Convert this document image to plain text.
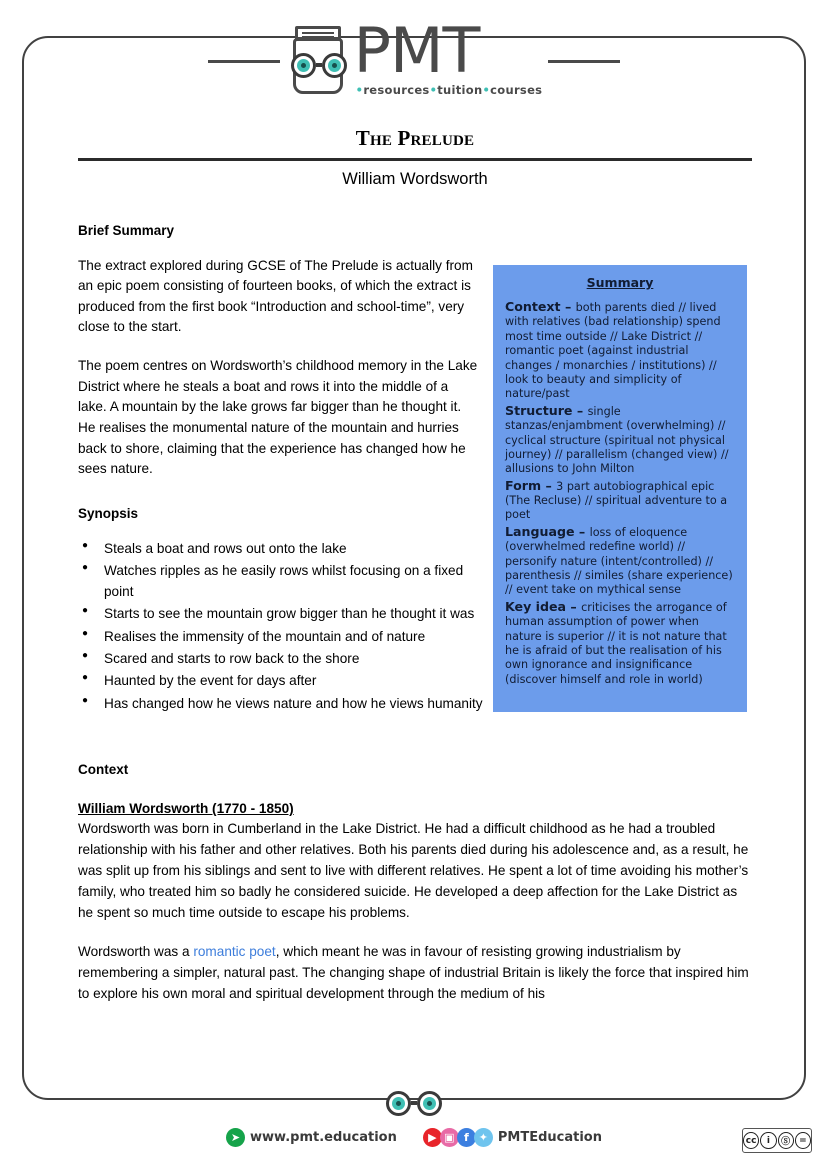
PMT
•resources•tuition•courses
The Prelude
William Wordsworth
Brief Summary

The extract explored during GCSE of The Prelude is actually from an epic poem consisting of fourteen books, of which the extract is produced from the first book “Introduction and school-time”, very close to the start.

The poem centres on Wordsworth’s childhood memory in the Lake District where he steals a boat and rows it into the middle of a lake. A mountain by the lake grows far bigger than he thought it. He realises the monumental nature of the mountain and hurries back to shore, claiming that the experience has changed how he sees nature.

Synopsis
● Steals a boat and rows out onto the lake
● Watches ripples as he easily rows whilst focusing on a fixed point
● Starts to see the mountain grow bigger than he thought it was
● Realises the immensity of the mountain and of nature
● Scared and starts to row back to the shore
● Haunted by the event for days after
● Has changed how he views nature and how he views humanity
Context
William Wordsworth (1770 - 1850)

Wordsworth was born in Cumberland in the Lake District. He had a difficult childhood as he had a troubled relationship with his father and other relatives. Both his parents died during his adolescence and, as a result, he was split up from his siblings and sent to live with different relatives. He spent a lot of time avoiding his mother’s family, who treated him so badly he considered suicide. He developed a deep affection for the Lake District as he spent so much time outside to escape his problems.

Wordsworth was a romantic poet, which meant he was in favour of resisting growing industrialism by remembering a simpler, natural past. The changing shape of industrial Britain is likely the force that inspired him to explore his own moral and spiritual development through the medium of his

Summary

Context – both parents died // lived with relatives (bad relationship) spend most time outside // Lake District // romantic poet (against industrial changes / monarchies / institutions) // look to beauty and simplicity of nature/past

Structure – single stanzas/enjambment (overwhelming) // cyclical structure (spiritual not physical journey) // parallelism (changed view) // allusions to John Milton

Form – 3 part autobiographical epic (The Recluse) // spiritual adventure to a poet

Language – loss of eloquence (overwhelmed redefine world) // personify nature (intent/controlled) // parenthesis // similes (share experience) // event take on mythical sense

Key idea – criticises the arrogance of human assumption of power when nature is superior // it is not nature that he is afraid of but the realisation of his own ignorance and insignificance (discover himself and role in world)

➤ www.pmt.education	▶ ▣ f ✦ PMTEducation	cc	i	Ⓢ =
